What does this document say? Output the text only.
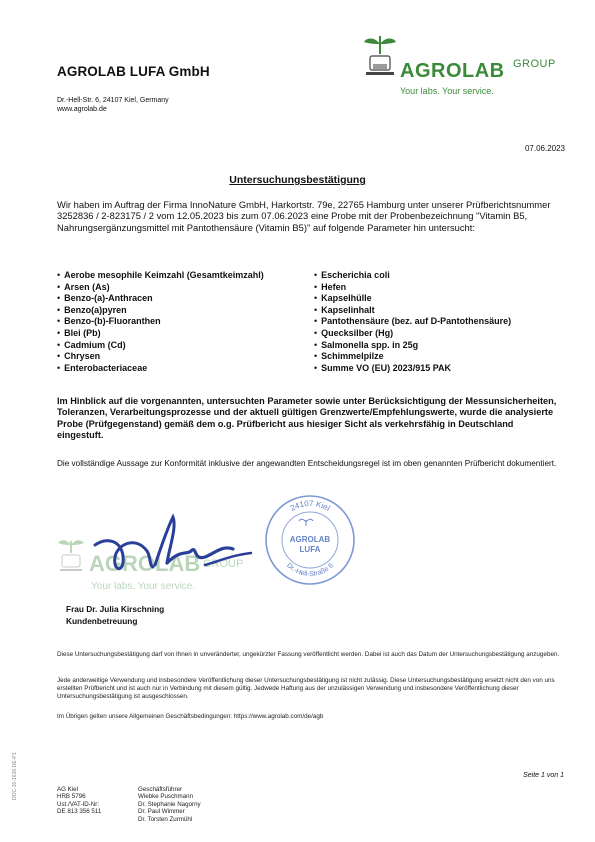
AGROLAB LUFA GmbH
Dr.-Hell-Str. 6, 24107 Kiel, Germany
www.agrolab.de
AGROLAB GROUP
Your labs. Your service.
07.06.2023
Untersuchungsbestätigung
Wir haben im Auftrag der Firma InnoNature GmbH, Harkortstr. 79e, 22765 Hamburg unter unserer Prüfberichtsnummer 3252836 / 2-823175 / 2 vom 12.05.2023 bis zum 07.06.2023 eine Probe mit der Probenbezeichnung "Vitamin B5, Nahrungsergänzungsmittel mit Pantothensäure (Vitamin B5)" auf folgende Parameter hin untersucht:
• Aerobe mesophile Keimzahl (Gesamtkeimzahl)
• Arsen (As)
• Benzo-(a)-Anthracen
• Benzo(a)pyren
• Benzo-(b)-Fluoranthen
• Blei (Pb)
• Cadmium (Cd)
• Chrysen
• Enterobacteriaceae
• Escherichia coli
• Hefen
• Kapselhülle
• Kapselinhalt
• Pantothensäure (bez. auf D-Pantothensäure)
• Quecksilber (Hg)
• Salmonella spp. in 25g
• Schimmelpilze
• Summe VO (EU) 2023/915 PAK
Im Hinblick auf die vorgenannten, untersuchten Parameter sowie unter Berücksichtigung der Messunsicherheiten, Toleranzen, Verarbeitungsprozesse und der aktuell gültigen Grenzwerte/Empfehlungswerte, wurde die analysierte Probe (Prüfgegenstand) gemäß dem o.g. Prüfbericht aus hiesiger Sicht als verkehrsfähig in Deutschland eingestuft.
Die vollständige Aussage zur Konformität inklusive der angewandten Entscheidungsregel ist im oben genannten Prüfbericht dokumentiert.
AGROLAB GROUP
Your labs. Your service.
24107 Kiel
Dr.-Hell-Straße 6
AGROLAB
LUFA
Frau Dr. Julia Kirschning
Kundenbetreuung
Diese Untersuchungsbestätigung darf von Ihnen in unveränderter, ungekürzter Fassung veröffentlicht werden. Dabei ist auch das Datum der Untersuchungsbestätigung anzugeben.
Jede anderweitige Verwendung und insbesondere Veröffentlichung dieser Untersuchungsbestätigung ist nicht zulässig. Diese Untersuchungsbestätigung ersetzt nicht den von uns erstellten Prüfbericht und ist auch nur in Verbindung mit diesem gültig. Jedwede Haftung aus der unzulässigen Verwendung und insbesondere Veröffentlichung dieser Untersuchungsbestätigung ist ausgeschlossen.
Im Übrigen gelten unsere Allgemeinen Geschäftsbedingungen: https://www.agrolab.com/de/agb
DOC-10-1626-DE-P1	Seite 1 von 1
AG Kiel
HRB 5796
Ust./VAT-ID-Nr:
DE 813 356 511
Geschäftsführer
Wiebke Puschmann
Dr. Stephanie Nagorny
Dr. Paul Wimmer
Dr. Torsten Zurmühl
